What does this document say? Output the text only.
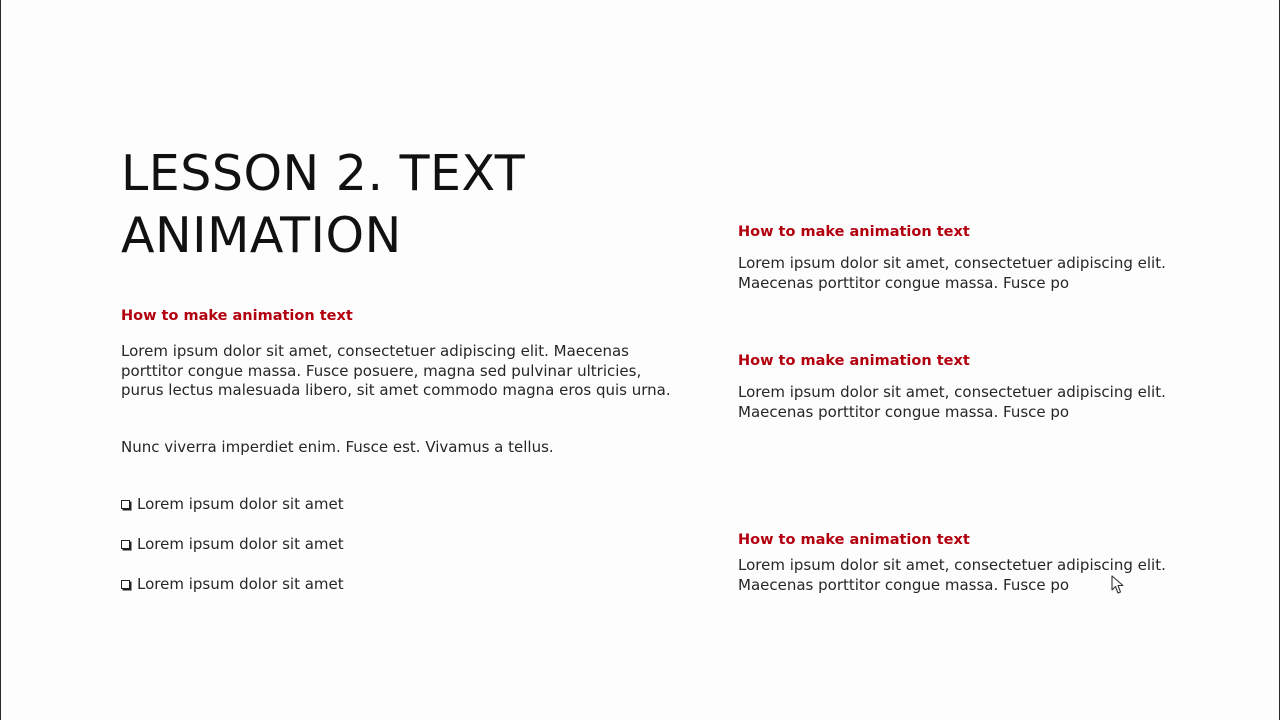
LESSON 2. TEXT ANIMATION

How to make animation text

Lorem ipsum dolor sit amet, consectetuer adipiscing elit. Maecenas porttitor congue massa. Fusce posuere, magna sed pulvinar ultricies, purus lectus malesuada libero, sit amet commodo magna eros quis urna.

Nunc viverra imperdiet enim. Fusce est. Vivamus a tellus.

Lorem ipsum dolor sit amet
Lorem ipsum dolor sit amet
Lorem ipsum dolor sit amet

How to make animation text

Lorem ipsum dolor sit amet, consectetuer adipiscing elit. Maecenas porttitor congue massa. Fusce po

How to make animation text

Lorem ipsum dolor sit amet, consectetuer adipiscing elit. Maecenas porttitor congue massa. Fusce po

How to make animation text

Lorem ipsum dolor sit amet, consectetuer adipiscing elit. Maecenas porttitor congue massa. Fusce po
